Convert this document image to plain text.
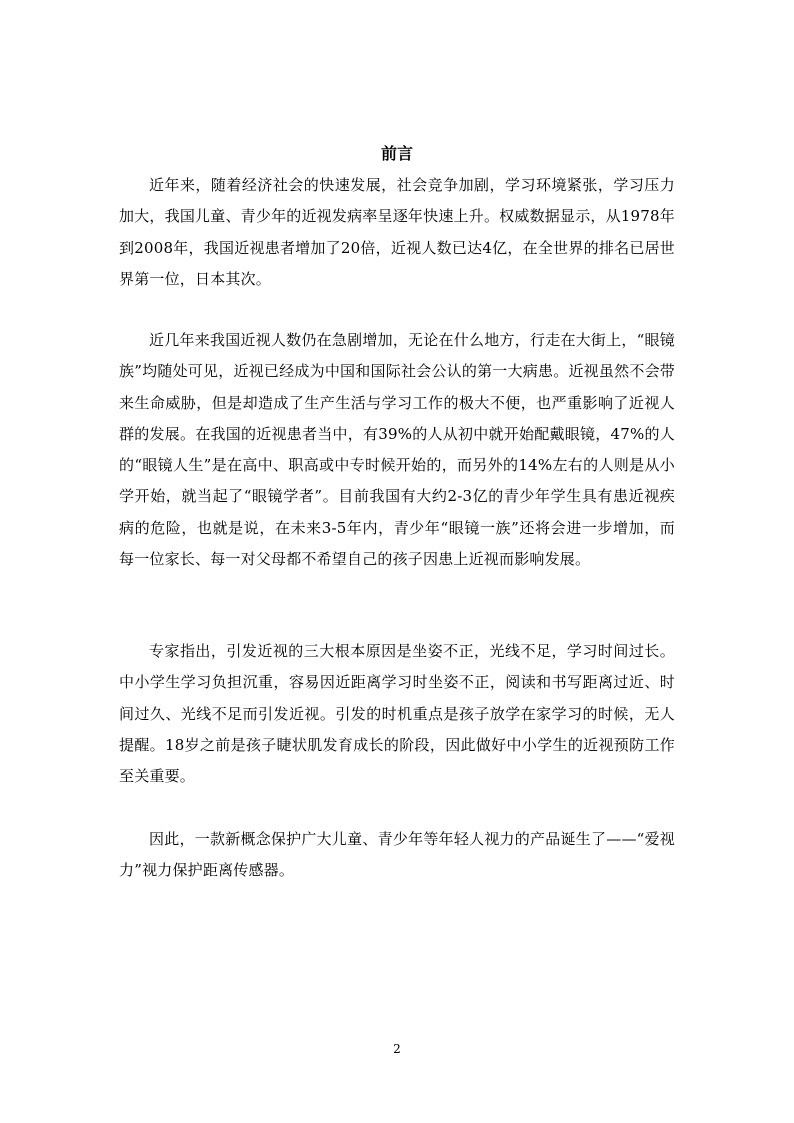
前言

近年来，随着经济社会的快速发展，社会竞争加剧，学习环境紧张，学习压力加大，我国儿童、青少年的近视发病率呈逐年快速上升。权威数据显示，从1978年到2008年，我国近视患者增加了20倍，近视人数已达4亿，在全世界的排名已居世界第一位，日本其次。

近几年来我国近视人数仍在急剧增加，无论在什么地方，行走在大街上，“眼镜族”均随处可见，近视已经成为中国和国际社会公认的第一大病患。近视虽然不会带来生命威胁，但是却造成了生产生活与学习工作的极大不便，也严重影响了近视人群的发展。在我国的近视患者当中，有39%的人从初中就开始配戴眼镜，47%的人的“眼镜人生”是在高中、职高或中专时候开始的，而另外的14%左右的人则是从小学开始，就当起了“眼镜学者”。目前我国有大约2-3亿的青少年学生具有患近视疾病的危险，也就是说，在未来3-5年内，青少年“眼镜一族”还将会进一步增加，而每一位家长、每一对父母都不希望自己的孩子因患上近视而影响发展。

专家指出，引发近视的三大根本原因是坐姿不正，光线不足，学习时间过长。中小学生学习负担沉重，容易因近距离学习时坐姿不正，阅读和书写距离过近、时间过久、光线不足而引发近视。引发的时机重点是孩子放学在家学习的时候，无人提醒。18岁之前是孩子睫状肌发育成长的阶段，因此做好中小学生的近视预防工作至关重要。

因此，一款新概念保护广大儿童、青少年等年轻人视力的产品诞生了——“爱视力”视力保护距离传感器。

2
